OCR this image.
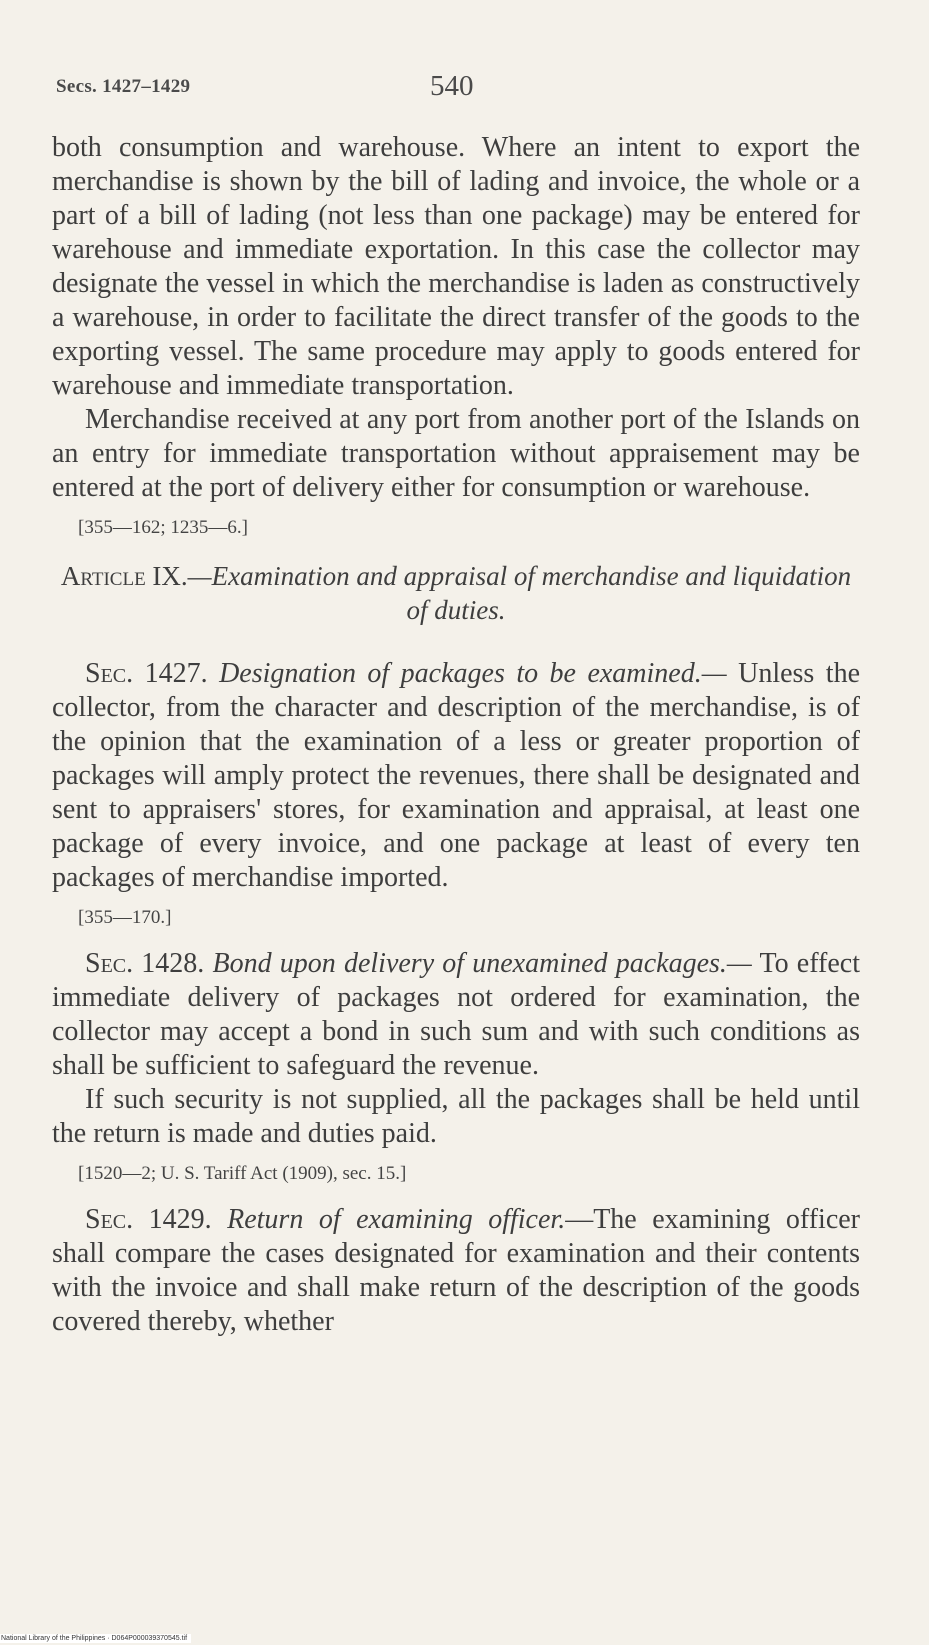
Secs. 1427–1429	540

both consumption and warehouse. Where an intent to export the merchandise is shown by the bill of lading and invoice, the whole or a part of a bill of lading (not less than one package) may be entered for warehouse and immediate exportation. In this case the collector may designate the vessel in which the merchandise is laden as constructively a warehouse, in order to facilitate the direct transfer of the goods to the exporting vessel. The same procedure may apply to goods entered for warehouse and immediate transportation.

Merchandise received at any port from another port of the Islands on an entry for immediate transportation without appraisement may be entered at the port of delivery either for consumption or warehouse.

[355—162; 1235—6.]

Article IX.—Examination and appraisal of merchandise and liquidation of duties.

Sec. 1427. Designation of packages to be examined.— Unless the collector, from the character and description of the merchandise, is of the opinion that the examination of a less or greater proportion of packages will amply protect the revenues, there shall be designated and sent to appraisers' stores, for examination and appraisal, at least one package of every invoice, and one package at least of every ten packages of merchandise imported.

[355—170.]

Sec. 1428. Bond upon delivery of unexamined packages.— To effect immediate delivery of packages not ordered for examination, the collector may accept a bond in such sum and with such conditions as shall be sufficient to safeguard the revenue.

If such security is not supplied, all the packages shall be held until the return is made and duties paid.

[1520—2; U. S. Tariff Act (1909), sec. 15.]

Sec. 1429. Return of examining officer.—The examining officer shall compare the cases designated for examination and their contents with the invoice and shall make return of the description of the goods covered thereby, whether

National Library of the Philippines · D064P000039370545.tif
